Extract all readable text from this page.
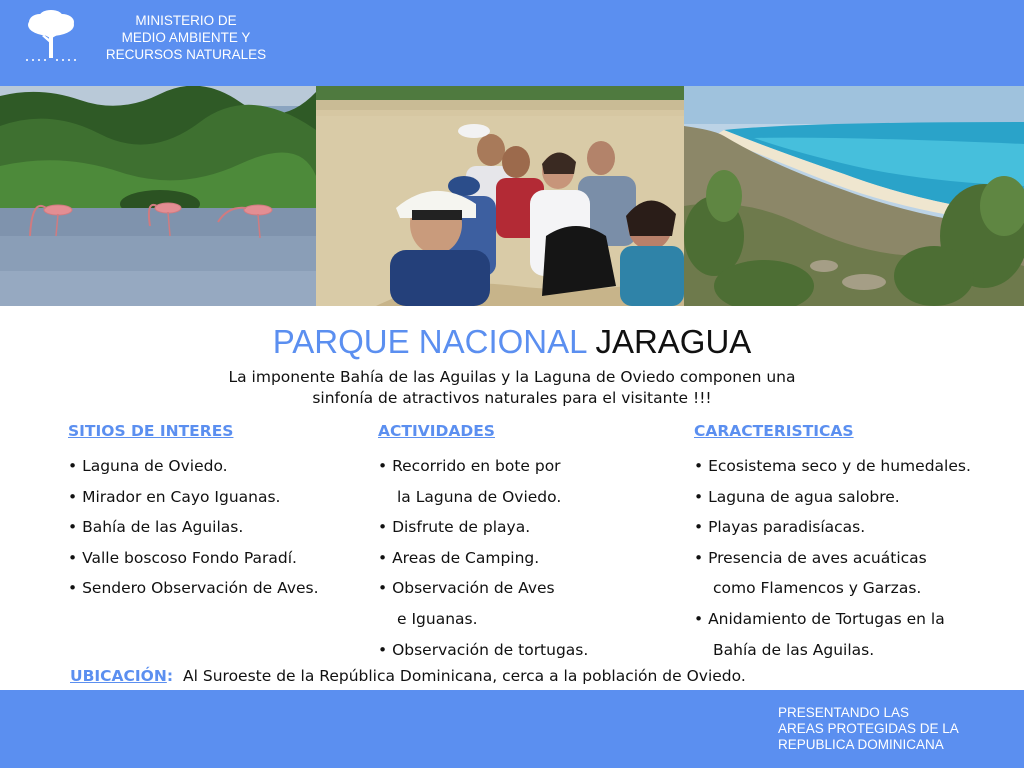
MINISTERIO DE
MEDIO AMBIENTE Y
RECURSOS NATURALES
PARQUE NACIONAL JARAGUA
La imponente Bahía de las Aguilas y la Laguna de Oviedo componen una
sinfonía de atractivos naturales para el visitante !!!
SITIOS DE INTERES
• Laguna de Oviedo.
• Mirador en Cayo Iguanas.
• Bahía de las Aguilas.
• Valle boscoso Fondo Paradí.
• Sendero Observación de Aves.
ACTIVIDADES
• Recorrido en bote por
la Laguna de Oviedo.
• Disfrute de playa.
• Areas de Camping.
• Observación de Aves
e Iguanas.
• Observación de tortugas.
CARACTERISTICAS
• Ecosistema seco y de humedales.
• Laguna de agua salobre.
• Playas paradisíacas.
• Presencia de aves acuáticas
como Flamencos y Garzas.
• Anidamiento de Tortugas en la
Bahía de las Aguilas.
UBICACIÓN: Al Suroeste de la República Dominicana, cerca a la población de Oviedo.
PRESENTANDO LAS
AREAS PROTEGIDAS DE LA
REPUBLICA DOMINICANA
